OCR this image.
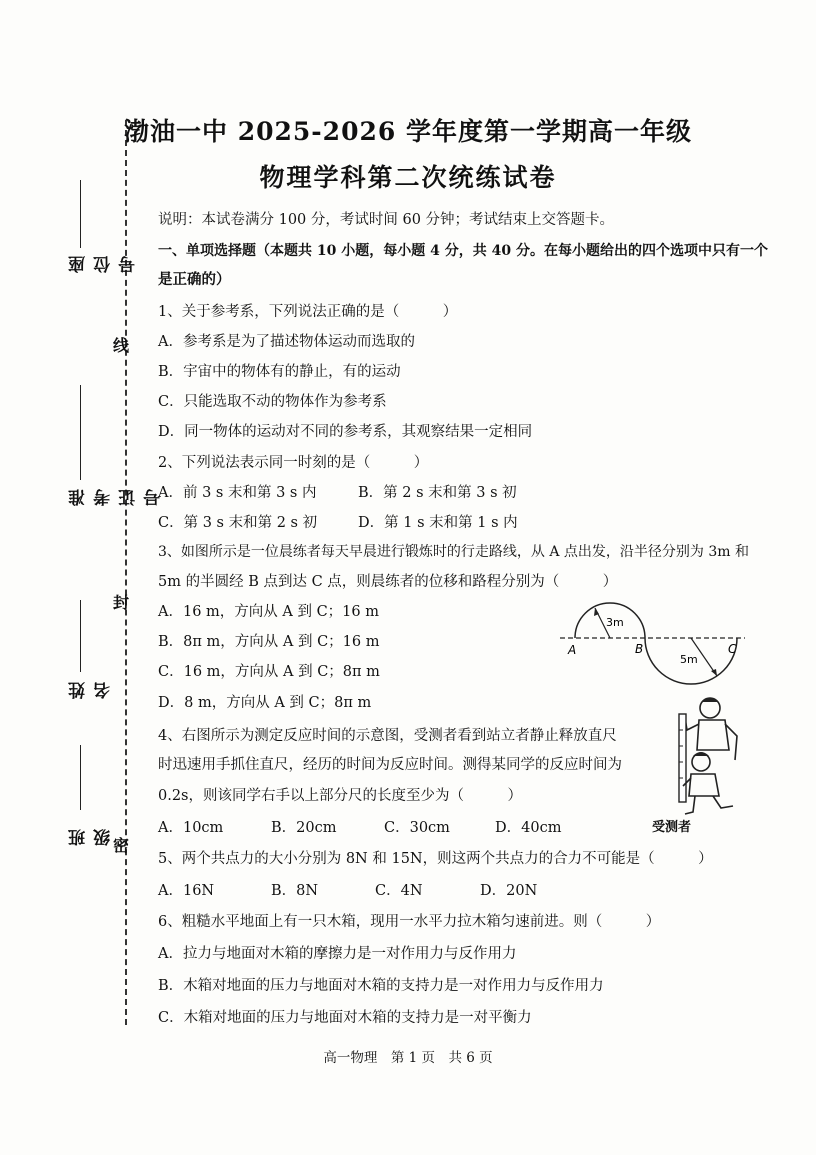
座位号
准考证号
姓名
班级
线
封
密
渤油一中 2025-2026 学年度第一学期高一年级
物理学科第二次统练试卷
说明：本试卷满分 100 分，考试时间 60 分钟；考试结束上交答题卡。
一、单项选择题（本题共 10 小题，每小题 4 分，共 40 分。在每小题给出的四个选项中只有一个
是正确的）
1、关于参考系，下列说法正确的是（　　　）
A．参考系是为了描述物体运动而选取的
B．宇宙中的物体有的静止，有的运动
C．只能选取不动的物体作为参考系
D．同一物体的运动对不同的参考系，其观察结果一定相同
2、下列说法表示同一时刻的是（　　　）
A．前 3 s 末和第 3 s 内	B．第 2 s 末和第 3 s 初
C．第 3 s 末和第 2 s 初	D．第 1 s 末和第 1 s 内
3、如图所示是一位晨练者每天早晨进行锻炼时的行走路线，从 A 点出发，沿半径分别为 3m 和
5m 的半圆经 B 点到达 C 点，则晨练者的位移和路程分别为（　　　）
A．16 m，方向从 A 到 C；16 m
B．8π m，方向从 A 到 C；16 m
C．16 m，方向从 A 到 C；8π m
D．8 m，方向从 A 到 C；8π m
3m
5m
A	B	C
4、右图所示为测定反应时间的示意图，受测者看到站立者静止释放直尺
时迅速用手抓住直尺，经历的时间为反应时间。测得某同学的反应时间为
0.2s，则该同学右手以上部分尺的长度至少为（　　　）
A．10cm	B．20cm	C．30cm	D．40cm	受测者
5、两个共点力的大小分别为 8N 和 15N，则这两个共点力的合力不可能是（　　　）
A．16N	B．8N	C．4N	D．20N
6、粗糙水平地面上有一只木箱，现用一水平力拉木箱匀速前进。则（　　　）
A．拉力与地面对木箱的摩擦力是一对作用力与反作用力
B．木箱对地面的压力与地面对木箱的支持力是一对作用力与反作用力
C．木箱对地面的压力与地面对木箱的支持力是一对平衡力
高一物理　第 1 页　共 6 页
